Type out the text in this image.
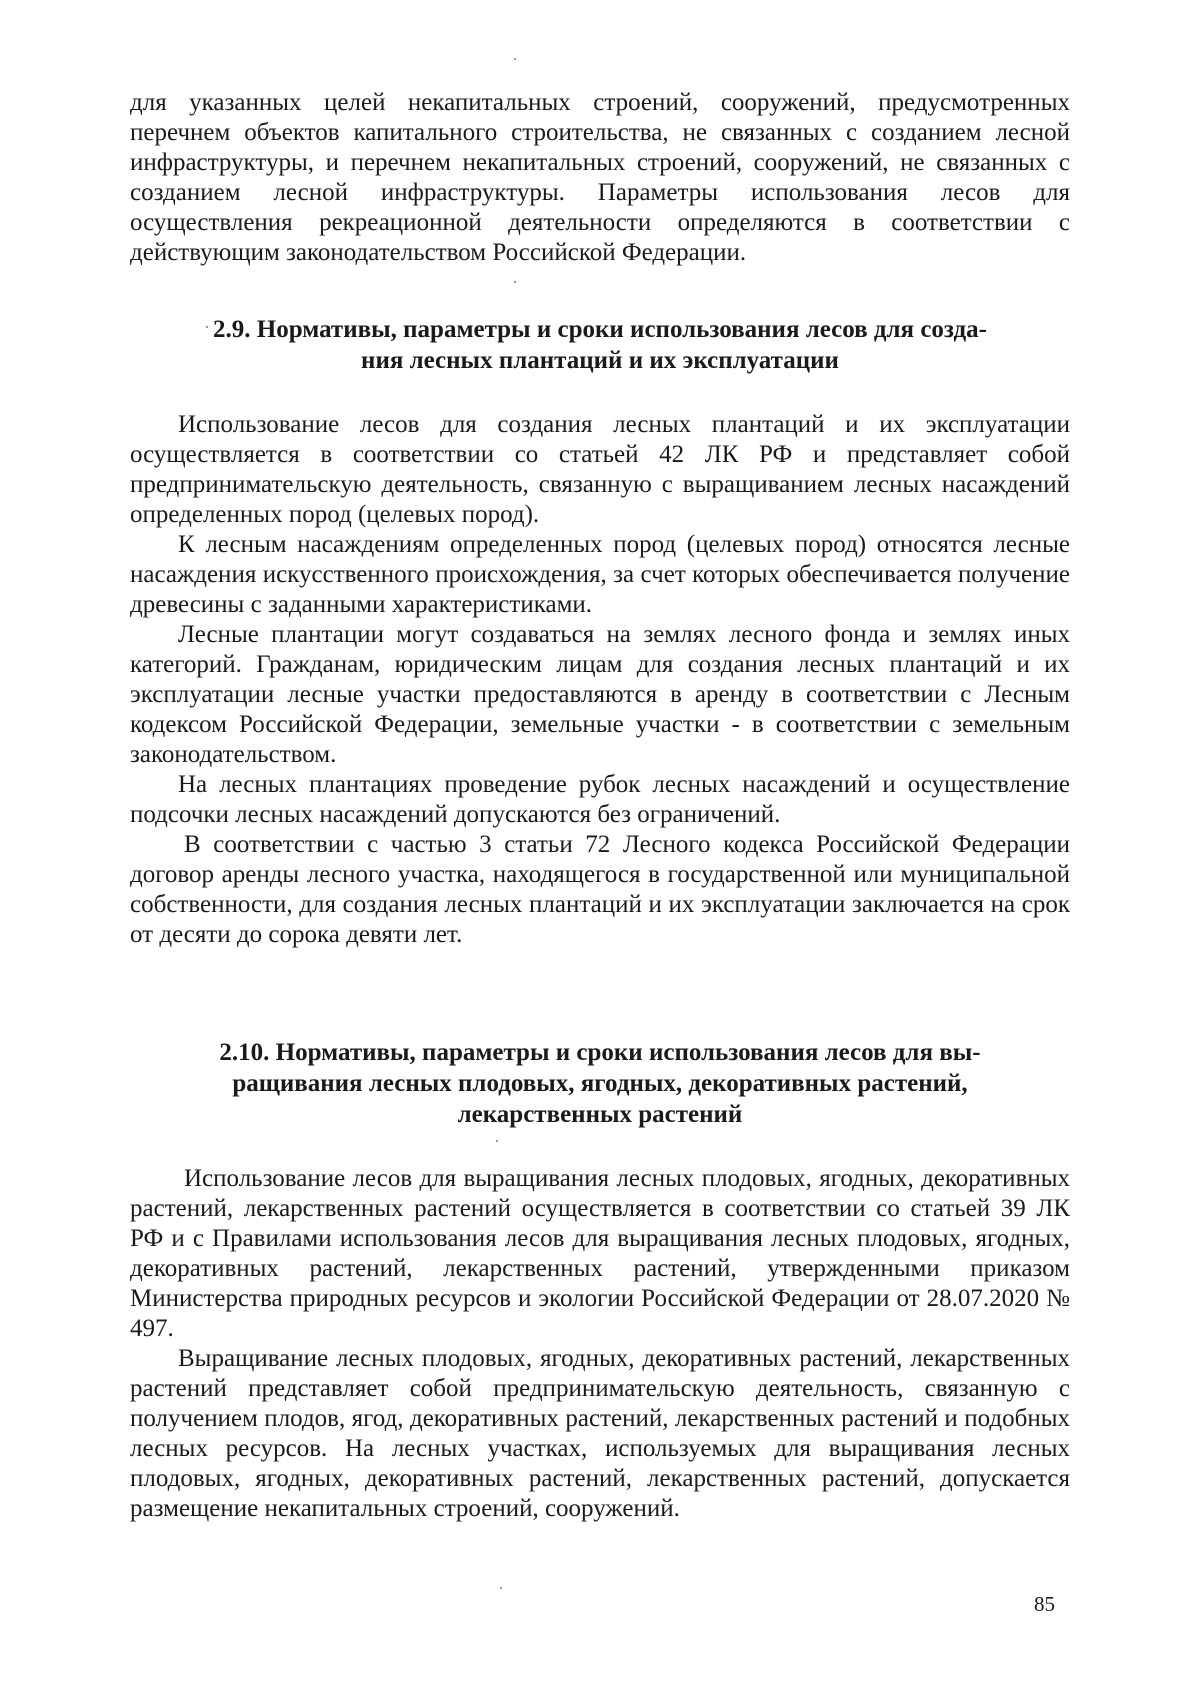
для указанных целей некапитальных строений, сооружений, предусмотренных перечнем объектов капитального строительства, не связанных с созданием лесной инфраструктуры, и перечнем некапитальных строений, сооружений, не связанных с созданием лесной инфраструктуры. Параметры использования лесов для осуществления рекреационной деятельности определяются в соответствии с действующим законодательством Российской Федерации.

2.9. Нормативы, параметры и сроки использования лесов для созда-
ния лесных плантаций и их эксплуатации

Использование лесов для создания лесных плантаций и их эксплуатации осуществляется в соответствии со статьей 42 ЛК РФ и представляет собой предпринимательскую деятельность, связанную с выращиванием лесных насаждений определенных пород (целевых пород).

К лесным насаждениям определенных пород (целевых пород) относятся лесные насаждения искусственного происхождения, за счет которых обеспечивается получение древесины с заданными характеристиками.

Лесные плантации могут создаваться на землях лесного фонда и землях иных категорий. Гражданам, юридическим лицам для создания лесных плантаций и их эксплуатации лесные участки предоставляются в аренду в соответствии с Лесным кодексом Российской Федерации, земельные участки - в соответствии с земельным законодательством.

На лесных плантациях проведение рубок лесных насаждений и осуществление подсочки лесных насаждений допускаются без ограничений.

В соответствии с частью 3 статьи 72 Лесного кодекса Российской Федерации договор аренды лесного участка, находящегося в государственной или муниципальной собственности, для создания лесных плантаций и их эксплуатации заключается на срок от десяти до сорока девяти лет.

2.10. Нормативы, параметры и сроки использования лесов для вы-
ращивания лесных плодовых, ягодных, декоративных растений,
лекарственных растений

Использование лесов для выращивания лесных плодовых, ягодных, декоративных растений, лекарственных растений осуществляется в соответствии со статьей 39 ЛК РФ и с Правилами использования лесов для выращивания лесных плодовых, ягодных, декоративных растений, лекарственных растений, утвержденными приказом Министерства природных ресурсов и экологии Российской Федерации от 28.07.2020 № 497.

Выращивание лесных плодовых, ягодных, декоративных растений, лекарственных растений представляет собой предпринимательскую деятельность, связанную с получением плодов, ягод, декоративных растений, лекарственных растений и подобных лесных ресурсов. На лесных участках, используемых для выращивания лесных плодовых, ягодных, декоративных растений, лекарственных растений, допускается размещение некапитальных строений, сооружений.

85
